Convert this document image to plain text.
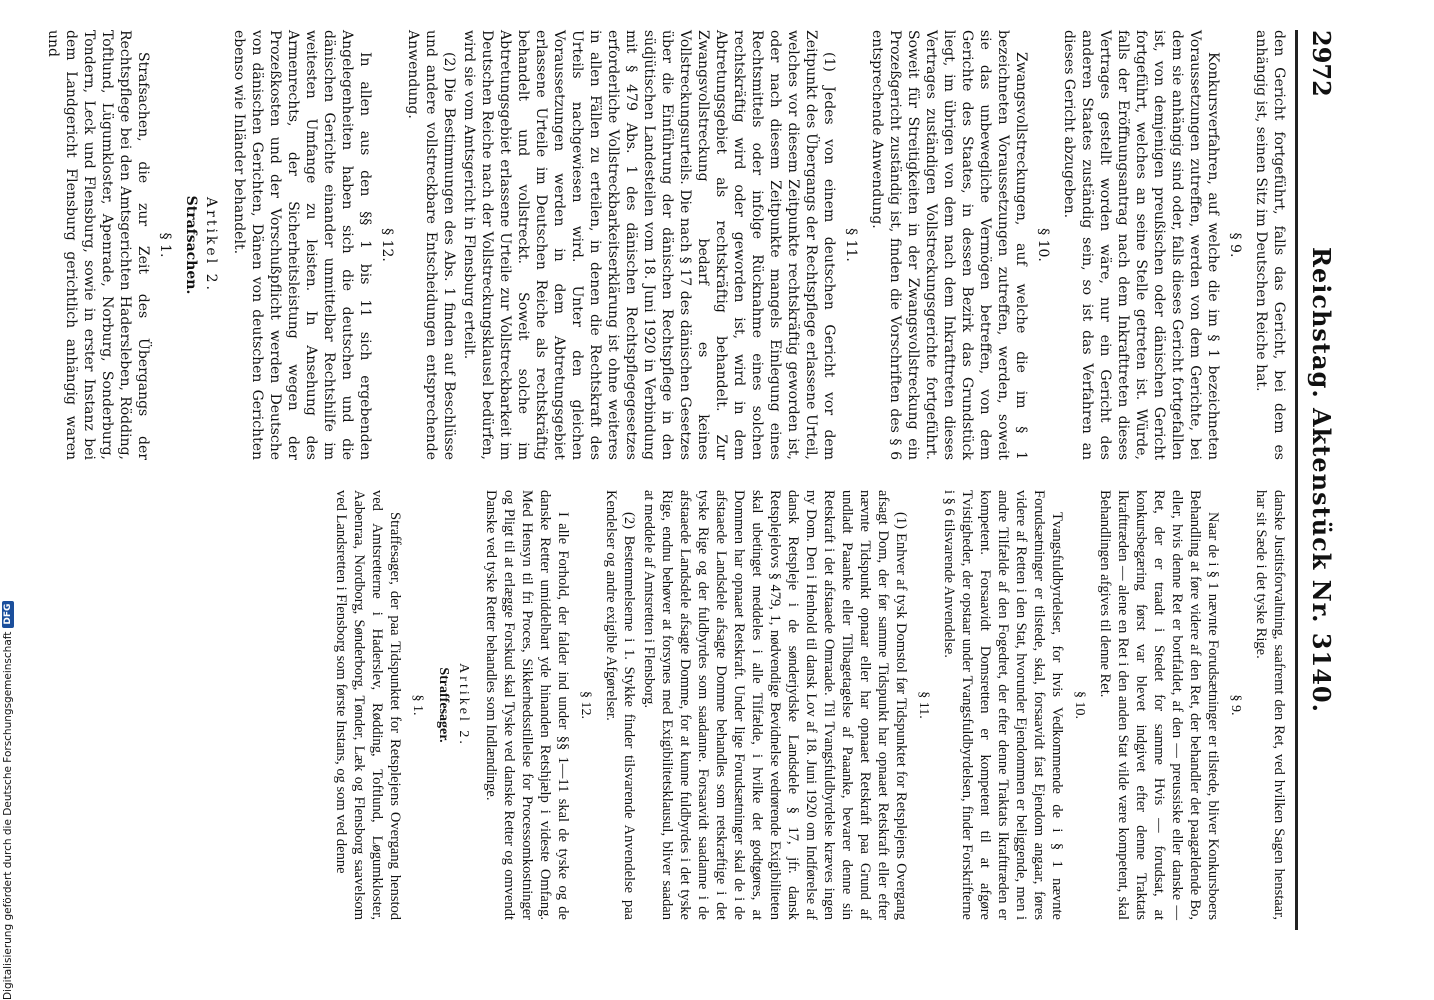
2972
Reichstag. Aktenstück Nr. 3140.

den Gericht fortgeführt, falls das Gericht, bei dem es anhängig ist, seinen Sitz im Deutschen Reiche hat.

§ 9.

Konkursverfahren, auf welche die im § 1 bezeichneten Voraussetzungen zutreffen, werden von dem Gerichte, bei dem sie anhängig sind oder, falls dieses Gericht fortgefallen ist, von demjenigen preußischen oder dänischen Gericht fortgeführt, welches an seine Stelle getreten ist. Würde, falls der Eröffnungsantrag nach dem Inkrafttreten dieses Vertrages gestellt worden wäre, nur ein Gericht des anderen Staates zuständig sein, so ist das Verfahren an dieses Gericht abzugeben.

§ 10.

Zwangsvollstreckungen, auf welche die im § 1 bezeichneten Voraussetzungen zutreffen, werden, soweit sie das unbewegliche Vermögen betreffen, von dem Gerichte des Staates, in dessen Bezirk das Grundstück liegt, im übrigen von dem nach dem Inkrafttreten dieses Vertrages zuständigen Vollstreckungsgerichte fortgeführt. Soweit für Streitigkeiten in der Zwangsvollstreckung ein Prozeßgericht zuständig ist, finden die Vorschriften des § 6 entsprechende Anwendung.

§ 11.

(1) Jedes von einem deutschen Gericht vor dem Zeitpunkt des Übergangs der Rechtspflege erlassene Urteil, welches vor diesem Zeitpunkte rechtskräftig geworden ist, oder nach diesem Zeitpunkte mangels Einlegung eines Rechtsmittels oder infolge Rücknahme eines solchen rechtskräftig wird oder geworden ist, wird in dem Abtretungsgebiet als rechtskräftig behandelt. Zur Zwangsvollstreckung bedarf es keines Vollstreckungsurteils. Die nach § 17 des dänischen Gesetzes über die Einführung der dänischen Rechtspflege in den südjütischen Landesteilen vom 18. Juni 1920 in Verbindung mit § 479 Abs. 1 des dänischen Rechtspflegegesetzes erforderliche Vollstreckbarkeitserklärung ist ohne weiteres in allen Fällen zu erteilen, in denen die Rechtskraft des Urteils nachgewiesen wird. Unter den gleichen Voraussetzungen werden in dem Abtretungsgebiet erlassene Urteile im Deutschen Reiche als rechtskräftig behandelt und vollstreckt. Soweit solche im Abtretungsgebiet erlassene Urteile zur Vollstreckbarkeit im Deutschen Reiche nach der Vollstreckungsklausel bedürfen, wird sie vom Amtsgericht in Flensburg erteilt.

(2) Die Bestimmungen des Abs. 1 finden auf Beschlüsse und andere vollstreckbare Entscheidungen entsprechende Anwendung.

§ 12.

In allen aus den §§ 1 bis 11 sich ergebenden Angelegenheiten haben sich die deutschen und die dänischen Gerichte einander unmittelbar Rechtshilfe im weitesten Umfange zu leisten. In Ansehung des Armenrechts, der Sicherheitsleistung wegen der Prozeßkosten und der Vorschußpflicht werden Deutsche von dänischen Gerichten, Dänen von deutschen Gerichten ebenso wie Inländer behandelt.

Artikel 2.
Strafsachen.
§ 1.

Strafsachen, die zur Zeit des Übergangs der Rechtspflege bei den Amtsgerichten Hadersleben, Rödding, Toftlund, Lügumkloster, Apenrade, Norburg, Sonderburg, Tondern, Leck und Flensburg, sowie in erster Instanz bei dem Landgericht Flensburg gerichtlich anhängig waren und

danske Justitsforvaltning, saafremt den Ret, ved hvilken Sagen henstaar, har sit Sæde i det tyske Rige.

§ 9.

Naar de i § 1 nævnte Forudsætninger er tilstede, bliver Konkursboers Behandling at føre videre af den Ret, der behandler det paagældende Bo, eller, hvis denne Ret er bortfaldet, af den — preussiske eller danske — Ret, der er traadt i Stedet for samme Hvis — forudsat, at konkursbegæring først var blevet indgivet efter denne Traktats Ikrafttræden — alene en Ret i den anden Stat vilde være kompetent, skal Behandlingen afgives til denne Ret.

§ 10.

Tvangsfuldbyrdelser, for hvis Vedkommende de i § 1 nævnte Forudsætninger er tilstede, skal, forsaavidt fast Ejendom angaar, føres videre af Retten i den Stat, hvorunder Ejendommen er beliggende, men i andre Tilfælde af den Fogedret, der efter denne Traktats Ikrafttræden er kompetent. Forsaavidt Domsretten er kompetent til at afgøre Tvistigheder, der opstaar under Tvangsfuldbyrdelsen, finder Forskrifterne i § 6 tilsvarende Anvendelse.

§ 11.

(1) Enhver af tysk Domstol før Tidspunktet for Retsplejens Overgang afsagt Dom, der før samme Tidspunkt har opnaaet Retskraft eller efter nævnte Tidspunkt opnaar eller har opnaaet Retskraft paa Grund af undladt Paaanke eller Tilbagetagelse af Paaanke, bevarer denne sin Retskraft i det afstaaede Omraade. Til Tvangsfuldbyrdelse kræves ingen ny Dom. Den i Henhold til dansk Lov af 18. Juni 1920 om Indførelse af dansk Retspleje i de sønderjydske Landsdele § 17, jfr. dansk Retsplejelovs § 479, 1, nødvendige Bevidnelse vedrørende Exigibiliteten skal ubetinget meddeles i alle Tilfælde, i hvilke det godtgøres, at Dommen har opnaaet Retskraft. Under lige Forudsætninger skal de i de afstaaede Landsdele afsagte Domme behandles som retskræftige i det tyske Rige og der fuldbyrdes som saadanne. Forsaavidt saadanne i de afstaaede Landsdele afsagte Domme, for at kunne fuldbyrdes i det tyske Rige, endnu behøver at forsynes med Exigibilitetsklausul, bliver saadan at meddele af Amtsretten i Flensborg.

(2) Bestemmelserne i 1. Stykke finder tilsvarende Anvendelse paa Kendelser og andre exigible Afgørelser.

§ 12.

I alle Forhold, der falder ind under §§ 1—11 skal de tyske og de danske Retter umiddelbart yde hinanden Retshjælp i videste Omfang. Med Hensyn til fri Proces, Sikkerhedsstillelse for Processomkostninger og Pligt til at erlægge Forskud skal Tyske ved danske Retter og omvendt Danske ved tyske Retter behandles som Indlændinge.

Artikel 2.
Straffesager.
§ 1.

Straffesager, der paa Tidspunktet for Retsplejens Overgang henstod ved Amtsretterne i Haderslev, Rødding, Toftlund, Løgumkloster, Aabenraa, Nordborg, Sønderborg, Tønder, Læk og Flensborg saavelsom ved Landsretten i Flensborg som første Instans, og som ved denne

Digitalisierung gefördert durch die Deutsche Forschungsgemeinschaft
DFG
